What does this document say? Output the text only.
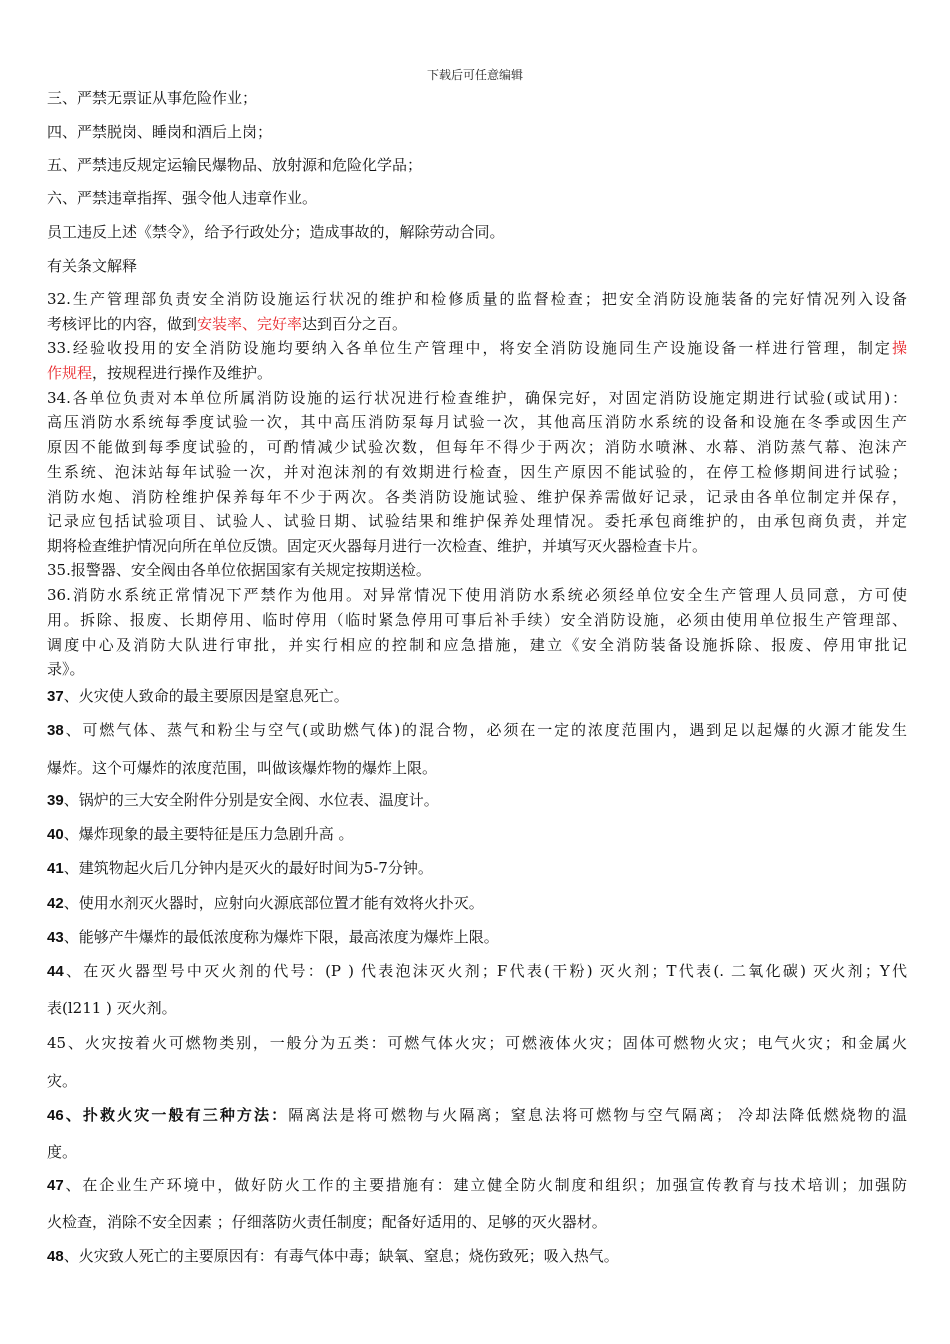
下载后可任意编辑
三、严禁无票证从事危险作业；
四、严禁脱岗、睡岗和酒后上岗；
五、严禁违反规定运输民爆物品、放射源和危险化学品；
六、严禁违章指挥、强令他人违章作业。
员工违反上述《禁令》，给予行政处分；造成事故的，解除劳动合同。
有关条文解释
32.生产管理部负责安全消防设施运行状况的维护和检修质量的监督检查；把安全消防设施装备的完好情况列入设备
考核评比的内容，做到安装率、完好率达到百分之百。
33.经验收投用的安全消防设施均要纳入各单位生产管理中，将安全消防设施同生产设施设备一样进行管理，制定操
作规程，按规程进行操作及维护。
34.各单位负责对本单位所属消防设施的运行状况进行检查维护，确保完好，对固定消防设施定期进行试验(或试用)：
高压消防水系统每季度试验一次，其中高压消防泵每月试验一次，其他高压消防水系统的设备和设施在冬季或因生产
原因不能做到每季度试验的，可酌情减少试验次数，但每年不得少于两次；消防水喷淋、水幕、消防蒸气幕、泡沫产
生系统、泡沫站每年试验一次，并对泡沫剂的有效期进行检查，因生产原因不能试验的，在停工检修期间进行试验；
消防水炮、消防栓维护保养每年不少于两次。各类消防设施试验、维护保养需做好记录，记录由各单位制定并保存，
记录应包括试验项目、试验人、试验日期、试验结果和维护保养处理情况。委托承包商维护的，由承包商负责，并定
期将检查维护情况向所在单位反馈。固定灭火器每月进行一次检查、维护，并填写灭火器检查卡片。
35.报警器、安全阀由各单位依据国家有关规定按期送检。
36.消防水系统正常情况下严禁作为他用。对异常情况下使用消防水系统必须经单位安全生产管理人员同意，方可使
用。拆除、报废、长期停用、临时停用（临时紧急停用可事后补手续）安全消防设施，必须由使用单位报生产管理部、
调度中心及消防大队进行审批，并实行相应的控制和应急措施，建立《安全消防装备设施拆除、报废、停用审批记
录》。
37、火灾使人致命的最主要原因是窒息死亡。
38、可燃气体、蒸气和粉尘与空气(或助燃气体)的混合物，必须在一定的浓度范围内，遇到足以起爆的火源才能发生
爆炸。这个可爆炸的浓度范围，叫做该爆炸物的爆炸上限。
39、锅炉的三大安全附件分别是安全阀、水位表、温度计。
40、爆炸现象的最主要特征是压力急剧升高 。
41、建筑物起火后几分钟内是灭火的最好时间为5-7分钟。
42、使用水剂灭火器时，应射向火源底部位置才能有效将火扑灭。
43、能够产牛爆炸的最低浓度称为爆炸下限，最高浓度为爆炸上限。
44、在灭火器型号中灭火剂的代号：(P ) 代表泡沫灭火剂；F代表(干粉) 灭火剂；T代表(. 二氧化碳) 灭火剂；Y代
表(l211 ) 灭火剂。
45、火灾按着火可燃物类别，一般分为五类：可燃气体火灾；可燃液体火灾；固体可燃物火灾；电气火灾；和金属火
灾。
46、扑救火灾一般有三种方法：隔离法是将可燃物与火隔离；窒息法将可燃物与空气隔离； 冷却法降低燃烧物的温
度。
47、在企业生产环境中，做好防火工作的主要措施有：建立健全防火制度和组织；加强宣传教育与技术培训；加强防
火检查，消除不安全因素 ；仔细落防火责任制度；配备好适用的、足够的灭火器材。
48、火灾致人死亡的主要原因有：有毒气体中毒；缺氧、窒息；烧伤致死；吸入热气。
